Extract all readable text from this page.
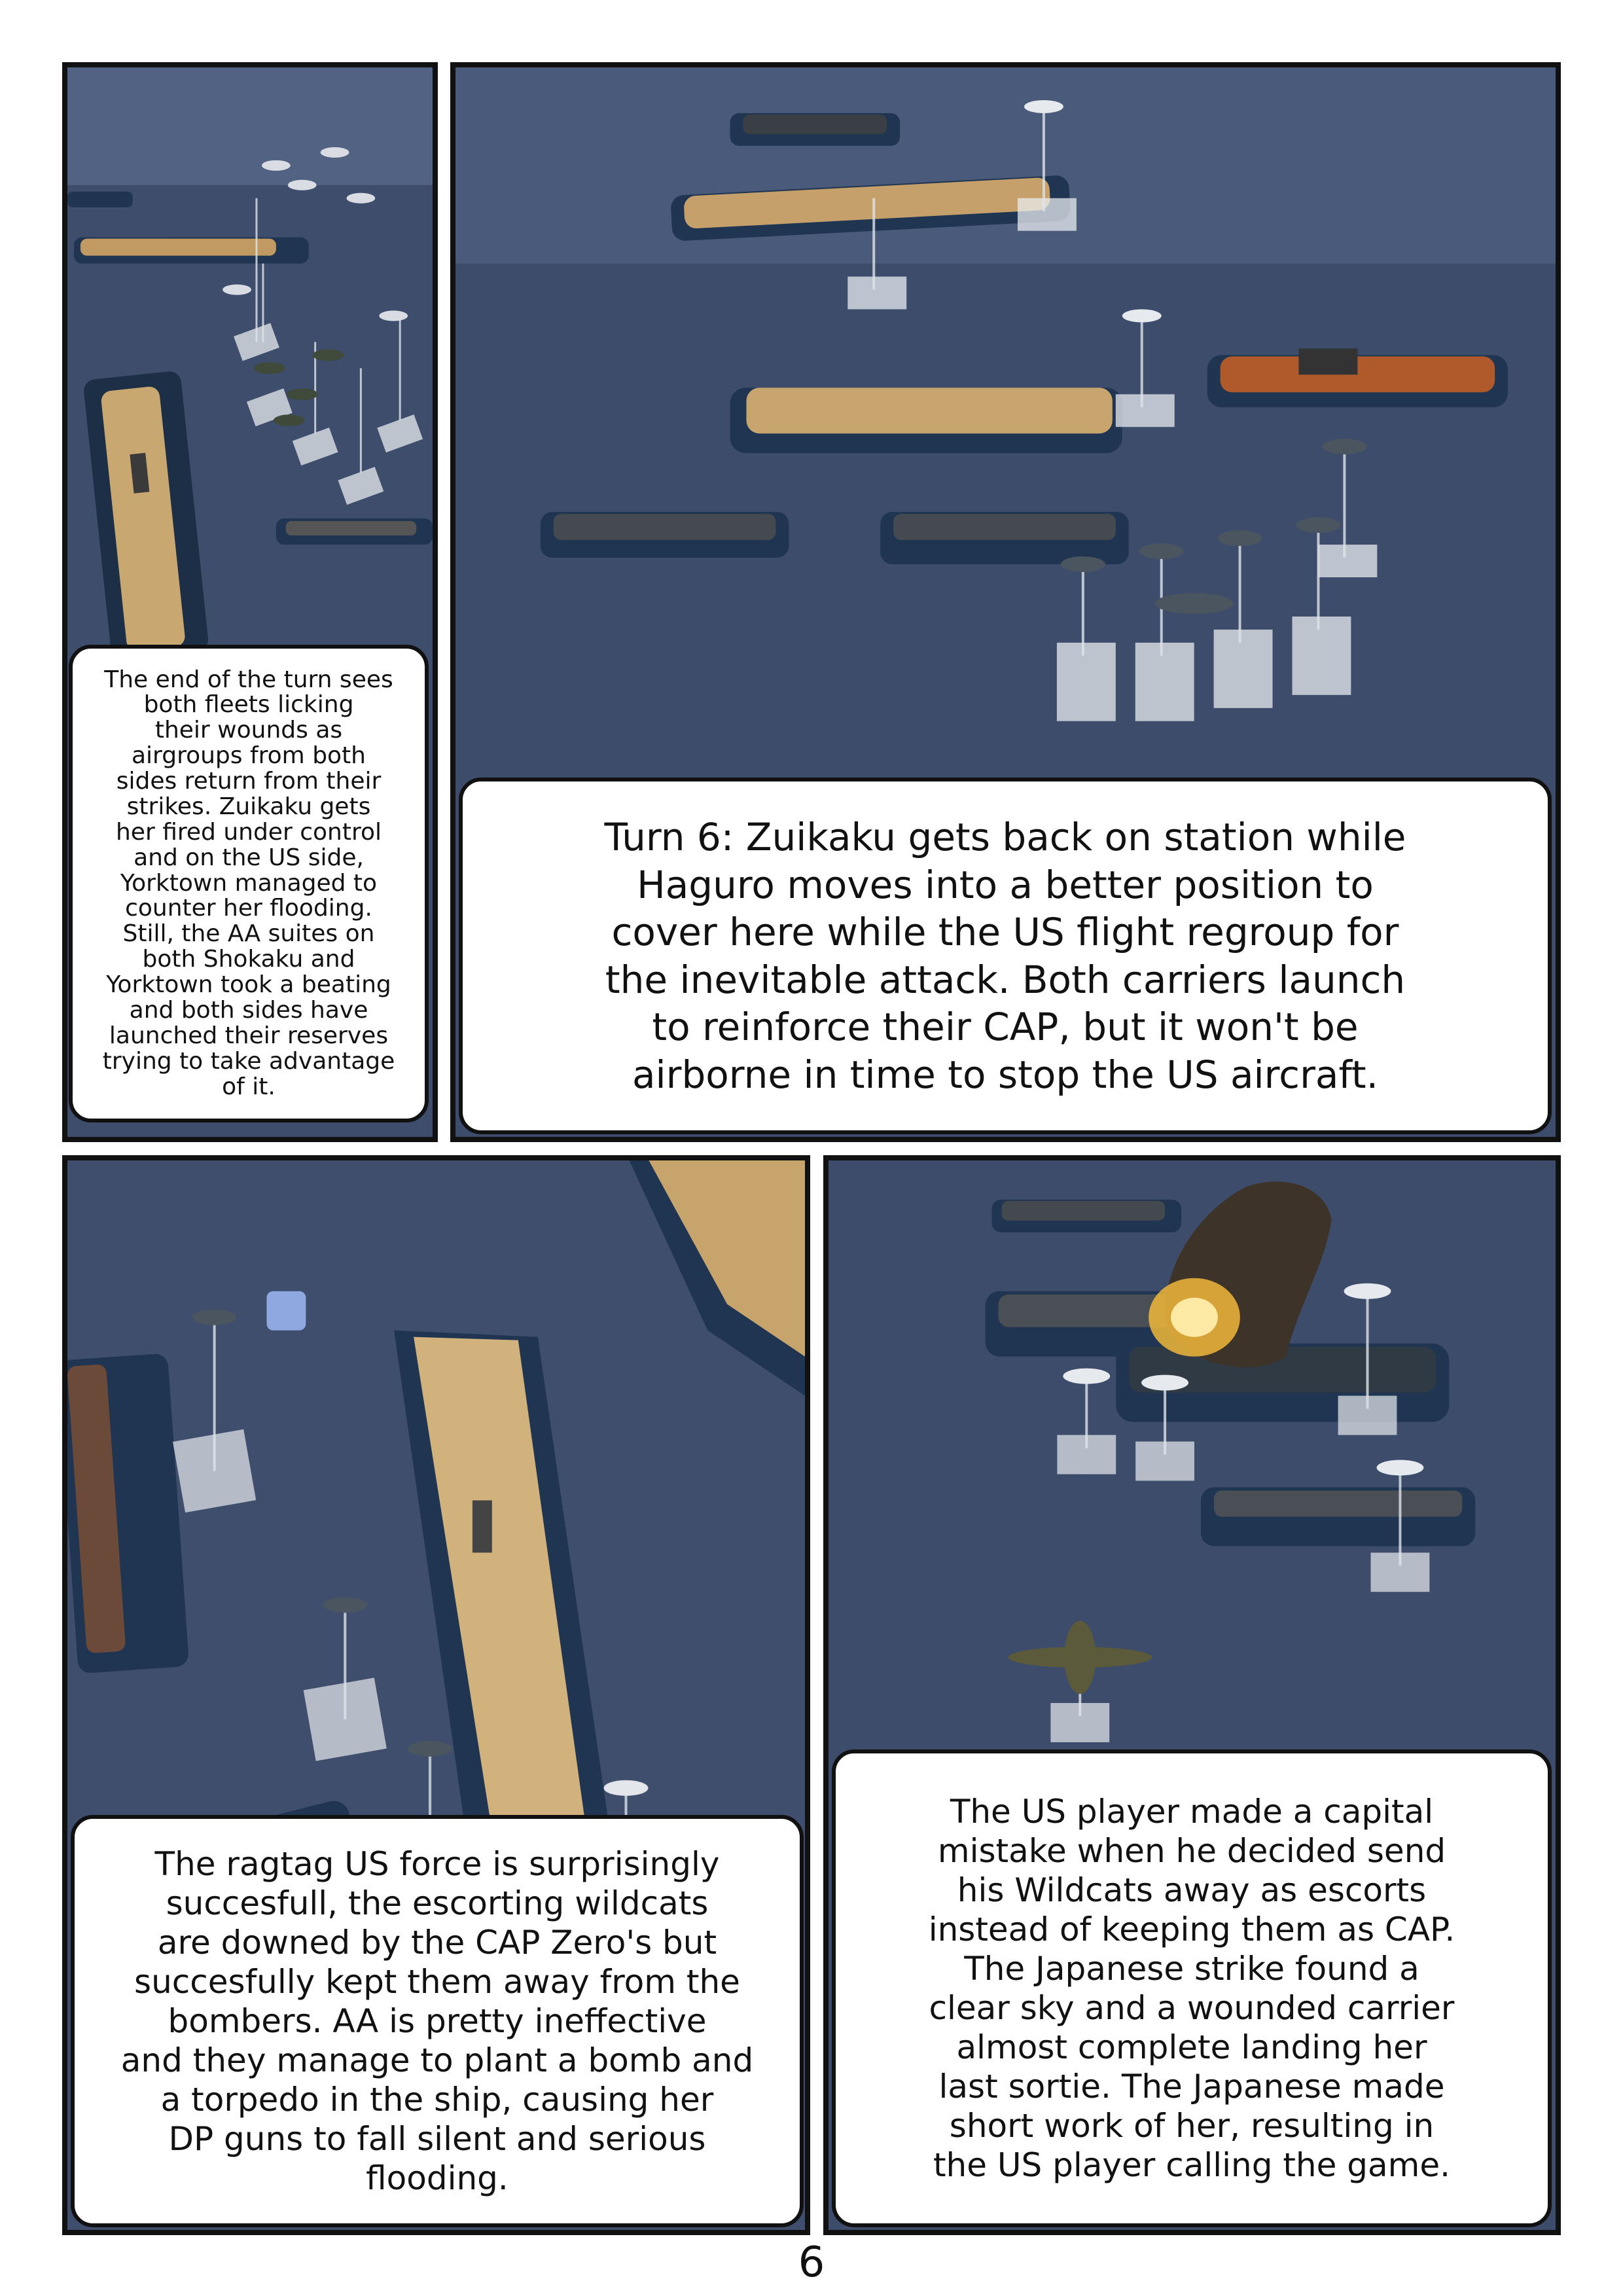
The end of the turn sees
both fleets licking
their wounds as
airgroups from both
sides return from their
strikes. Zuikaku gets
her fired under control
and on the US side,
Yorktown managed to
counter her flooding.
Still, the AA suites on
both Shokaku and
Yorktown took a beating
and both sides have
launched their reserves
trying to take advantage
of it.
Turn 6: Zuikaku gets back on station while
Haguro moves into a better position to
cover here while the US flight regroup for
the inevitable attack. Both carriers launch
to reinforce their CAP, but it won't be
airborne in time to stop the US aircraft.
The ragtag US force is surprisingly
succesfull, the escorting wildcats
are downed by the CAP Zero's but
succesfully kept them away from the
bombers. AA is pretty ineffective
and they manage to plant a bomb and
a torpedo in the ship, causing her
DP guns to fall silent and serious
flooding.
The US player made a capital
mistake when he decided send
his Wildcats away as escorts
instead of keeping them as CAP.
The Japanese strike found a
clear sky and a wounded carrier
almost complete landing her
last sortie. The Japanese made
short work of her, resulting in
the US player calling the game.
6
